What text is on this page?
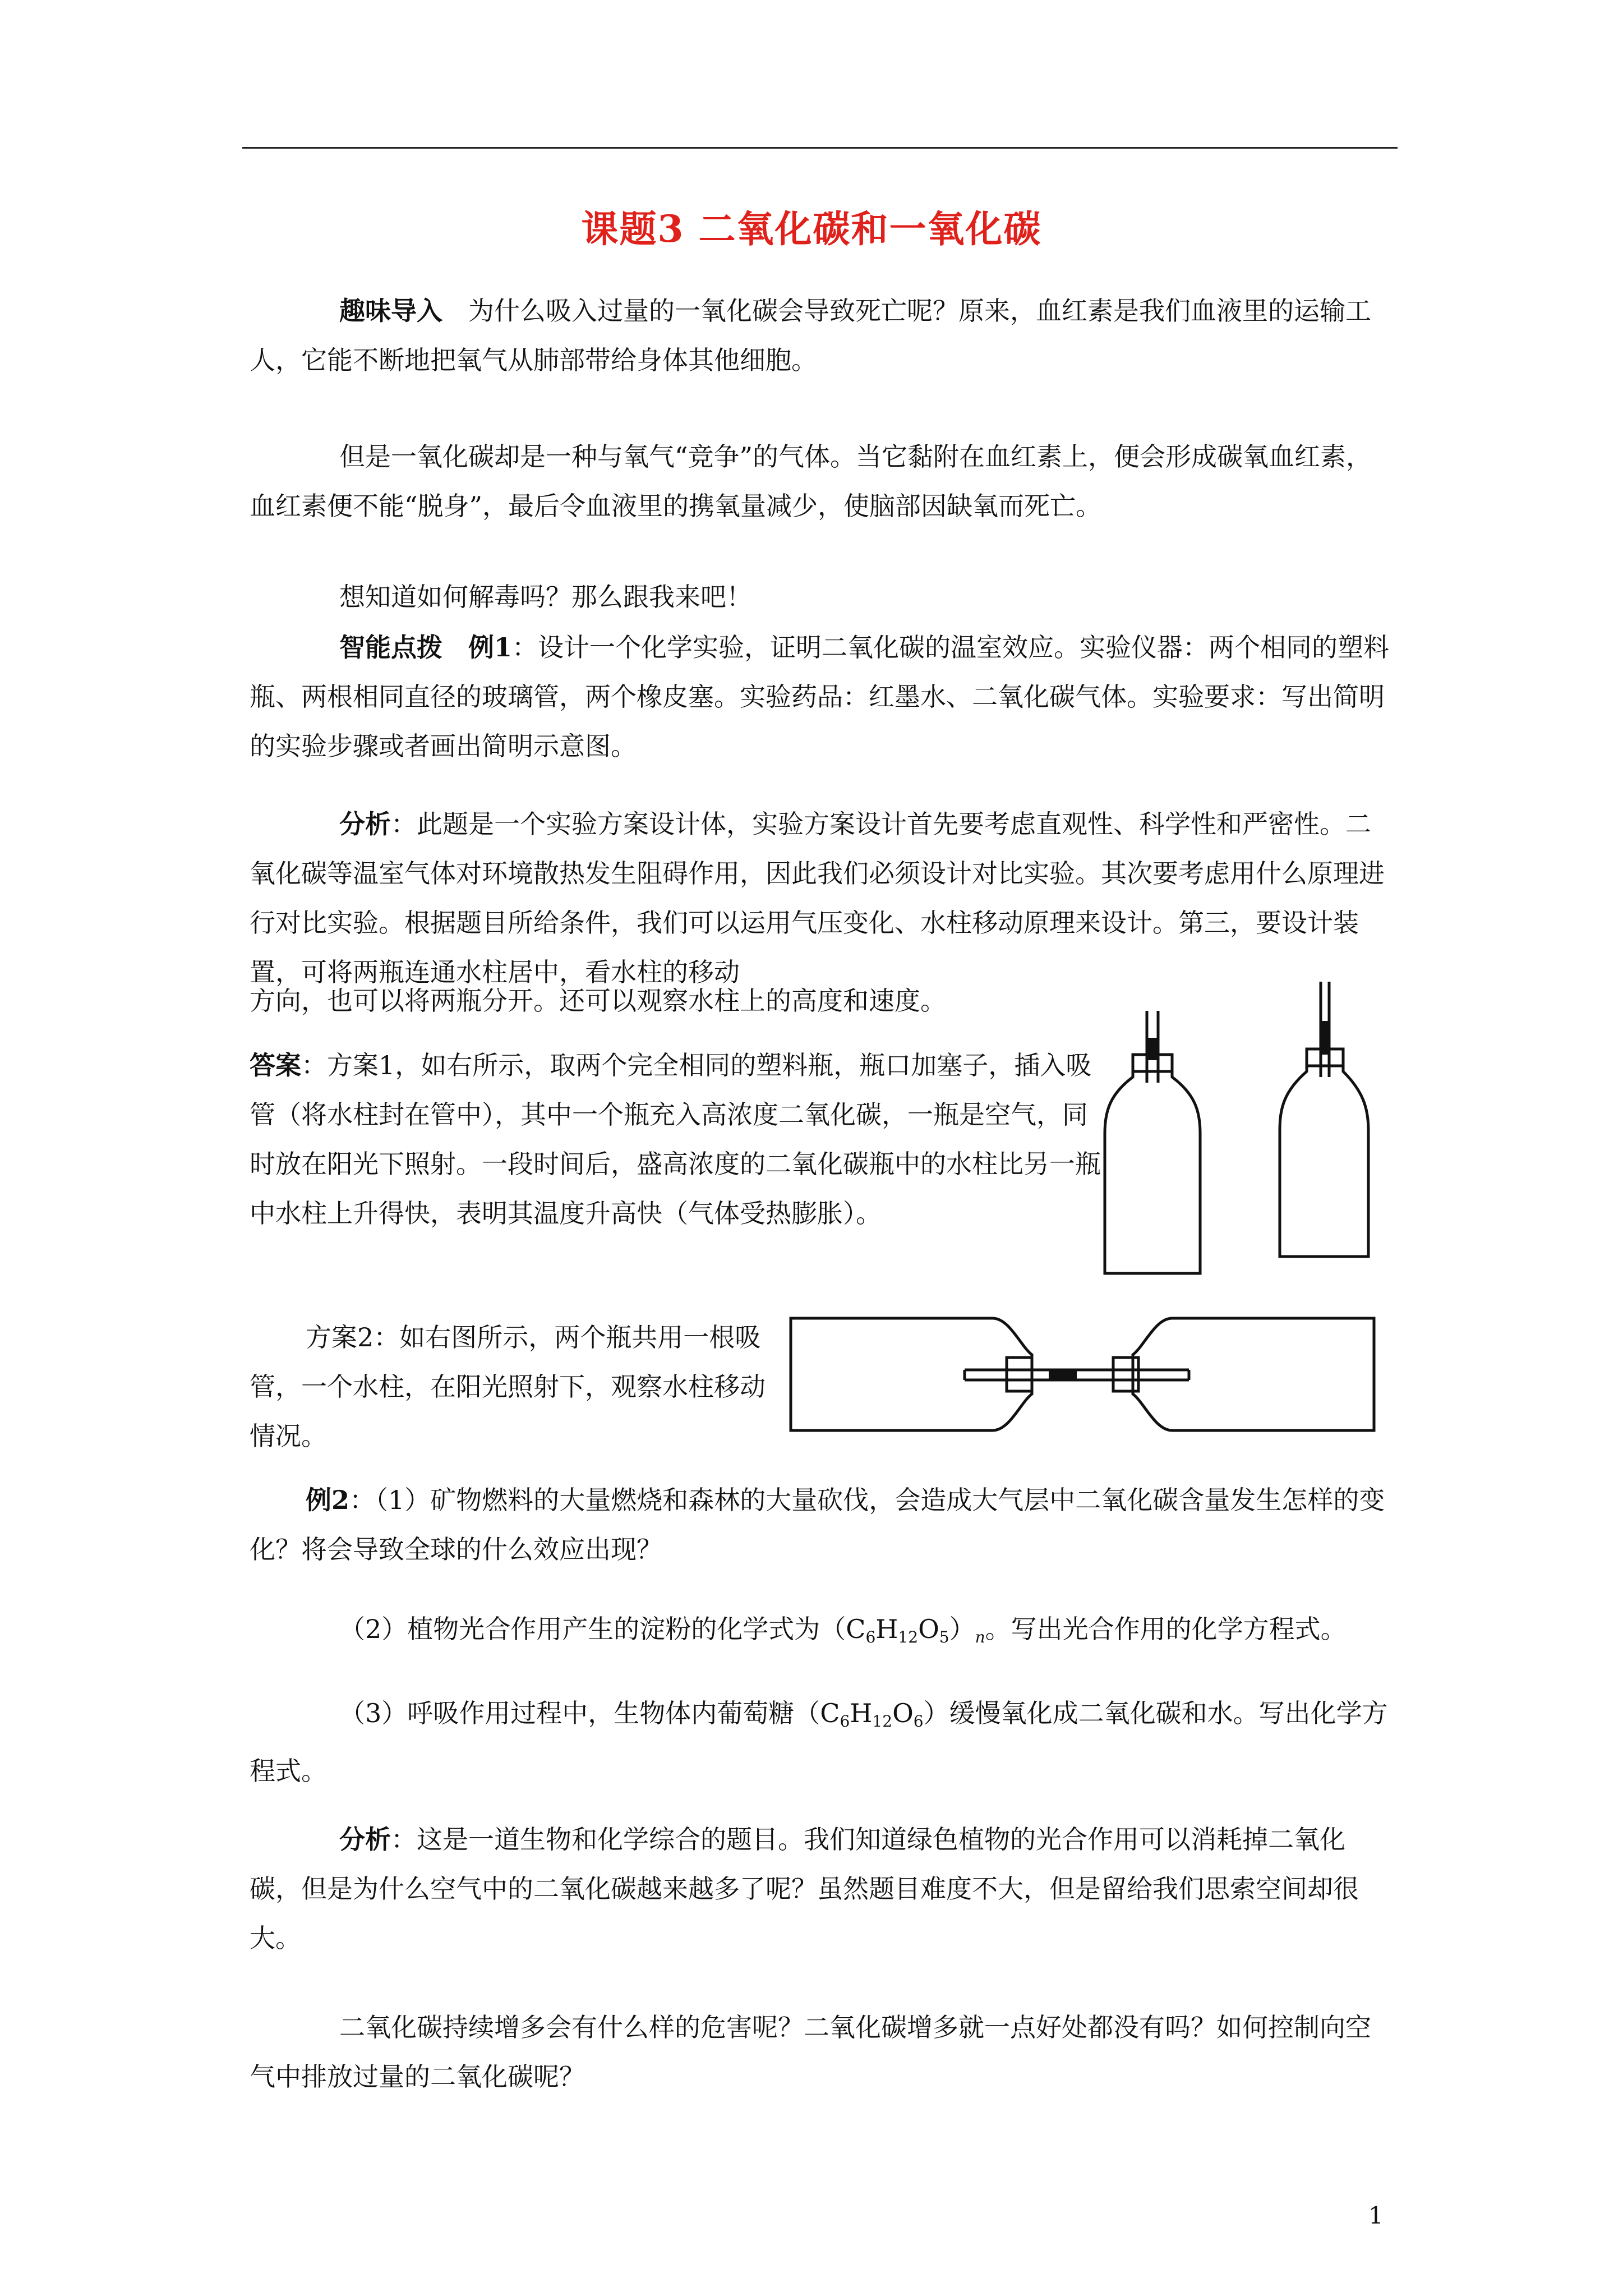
课题3 二氧化碳和一氧化碳

趣味导入 为什么吸入过量的一氧化碳会导致死亡呢？原来，血红素是我们血液里的运输工人，它能不断地把氧气从肺部带给身体其他细胞。

但是一氧化碳却是一种与氧气“竞争”的气体。当它黏附在血红素上，便会形成碳氧血红素，血红素便不能“脱身”，最后令血液里的携氧量减少，使脑部因缺氧而死亡。

想知道如何解毒吗？那么跟我来吧！

智能点拨 例1：设计一个化学实验，证明二氧化碳的温室效应。实验仪器：两个相同的塑料瓶、两根相同直径的玻璃管，两个橡皮塞。实验药品：红墨水、二氧化碳气体。实验要求：写出简明的实验步骤或者画出简明示意图。

分析：此题是一个实验方案设计体，实验方案设计首先要考虑直观性、科学性和严密性。二氧化碳等温室气体对环境散热发生阻碍作用，因此我们必须设计对比实验。其次要考虑用什么原理进行对比实验。根据题目所给条件，我们可以运用气压变化、水柱移动原理来设计。第三，要设计装置，可将两瓶连通水柱居中，看水柱的移动

方向，也可以将两瓶分开。还可以观察水柱上的高度和速度。

答案：方案1，如右所示，取两个完全相同的塑料瓶，瓶口加塞子，插入吸管（将水柱封在管中），其中一个瓶充入高浓度二氧化碳，一瓶是空气，同时放在阳光下照射。一段时间后，盛高浓度的二氧化碳瓶中的水柱比另一瓶中水柱上升得快，表明其温度升高快（气体受热膨胀）。

方案2：如右图所示，两个瓶共用一根吸管，一个水柱，在阳光照射下，观察水柱移动情况。

例2：（1）矿物燃料的大量燃烧和森林的大量砍伐，会造成大气层中二氧化碳含量发生怎样的变化？将会导致全球的什么效应出现？

（2）植物光合作用产生的淀粉的化学式为$(C_6H_{12}O_5)_n$。写出光合作用的化学方程式。

（3）呼吸作用过程中，生物体内葡萄糖$(C_6H_{12}O_6)$缓慢氧化成二氧化碳和水。写出化学方程式。

分析：这是一道生物和化学综合的题目。我们知道绿色植物的光合作用可以消耗掉二氧化碳，但是为什么空气中的二氧化碳越来越多了呢？虽然题目难度不大，但是留给我们思索空间却很大。

二氧化碳持续增多会有什么样的危害呢？二氧化碳增多就一点好处都没有吗？如何控制向空气中排放过量的二氧化碳呢？

1
